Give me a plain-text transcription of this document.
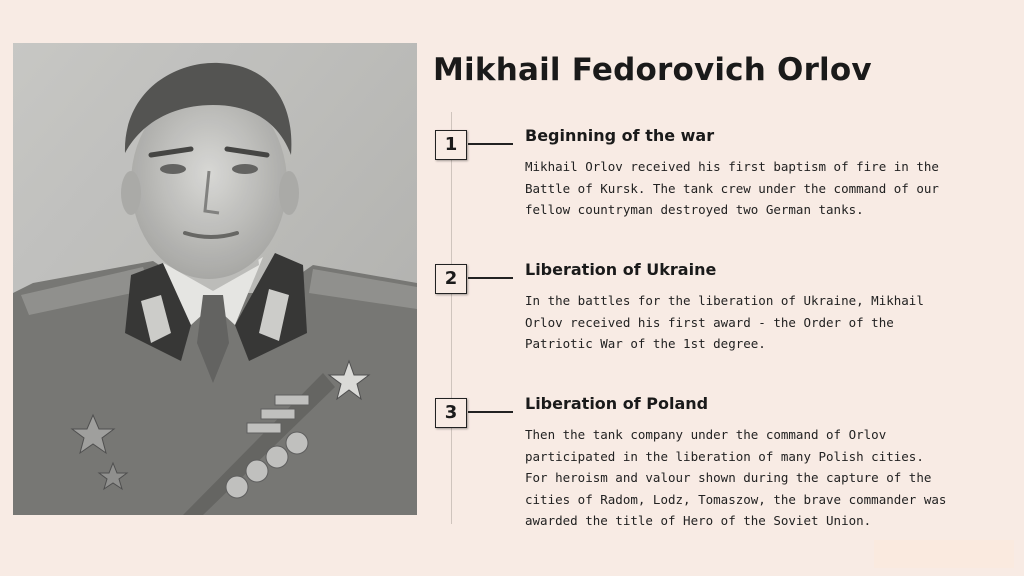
Mikhail Fedorovich Orlov
1	Beginning of the war
Mikhail Orlov received his first baptism of fire in the
Battle of Kursk. The tank crew under the command of our
fellow countryman destroyed two German tanks.
2	Liberation of Ukraine
In the battles for the liberation of Ukraine, Mikhail
Orlov received his first award - the Order of the
Patriotic War of the 1st degree.
3	Liberation of Poland
Then the tank company under the command of Orlov
participated in the liberation of many Polish cities.
For heroism and valour shown during the capture of the
cities of Radom, Lodz, Tomaszow, the brave commander was
awarded the title of Hero of the Soviet Union.
